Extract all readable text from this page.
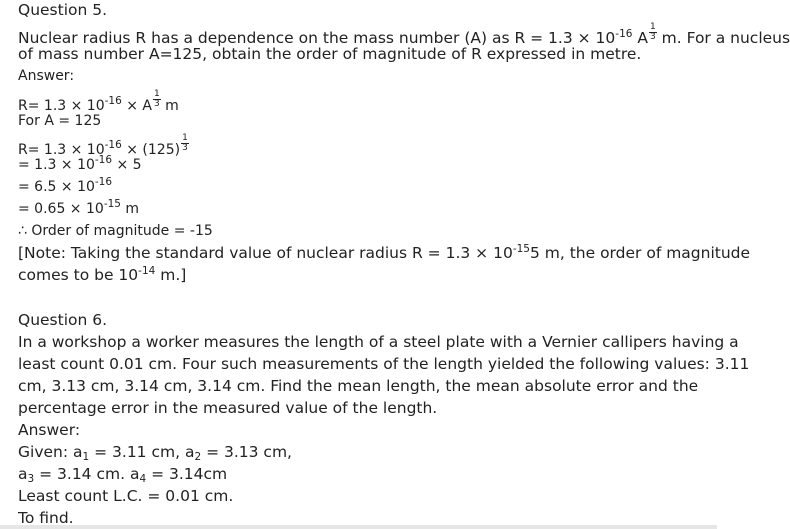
Question 5.
Nuclear radius R has a dependence on the mass number (A) as $R = 1.3 \times 10^{-16}$ A $\frac{1}{3} m$. For a nucleus
of mass number A=125, obtain the order of magnitude of R expressed in metre.
Answer:
$R= 1.3 \times 10^{-16} \times A \frac{1}{3}$ m
For A = 125
$R= 1.3 \times 10^{-16} \times (125) \frac{1}{3}$
= $1.3 \times 10^{-16} \times 5$
= $6.5 \times 10^{-16}$
= $0.65 \times 10^{-15}$ m
∴ Order of magnitude = -15
[Note: Taking the standard value of nuclear radius $R = 1.3 \times 10^{-15}5$ m, the order of magnitude
comes to be $10^{-14}$ m.]
Question 6.
In a workshop a worker measures the length of a steel plate with a Vernier callipers having a
least count 0.01 cm. Four such measurements of the length yielded the following values: 3.11
cm, 3.13 cm, 3.14 cm, 3.14 cm. Find the mean length, the mean absolute error and the
percentage error in the measured value of the length.
Answer:
Given: $a_1 = 3.11$ cm, $a_2 = 3.13$ cm,
$a_3 = 3.14$ cm. $a_4 = 3.14cm$
Least count L.C. = 0.01 cm.
To find.
